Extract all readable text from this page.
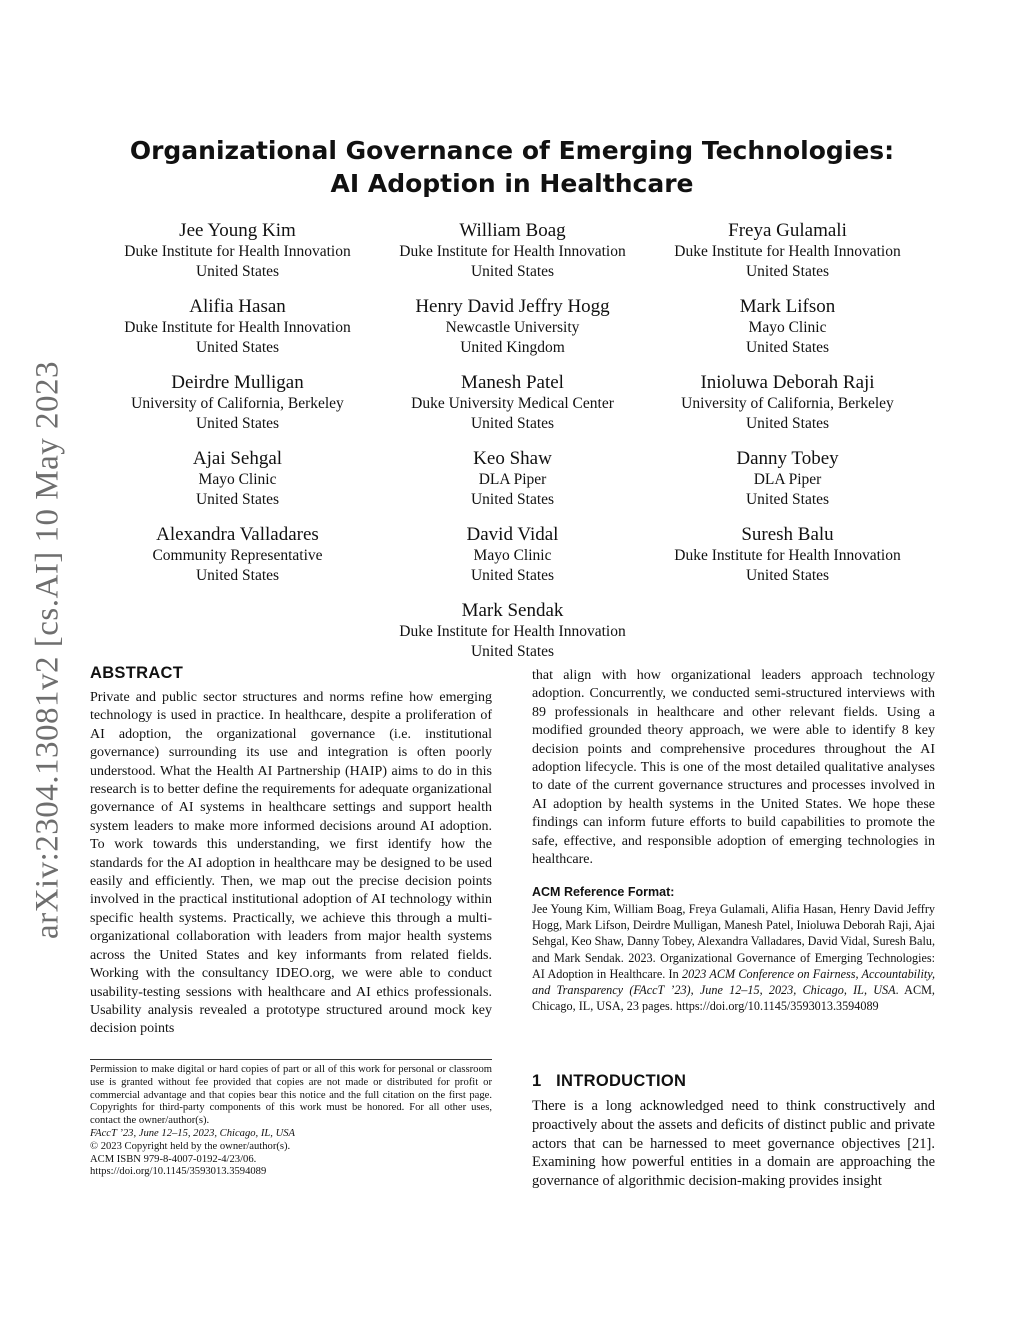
arXiv:2304.13081v2 [cs.AI] 10 May 2023
Organizational Governance of Emerging Technologies:
AI Adoption in Healthcare
Jee Young Kim
Duke Institute for Health Innovation
United States
William Boag
Duke Institute for Health Innovation
United States
Freya Gulamali
Duke Institute for Health Innovation
United States
Alifia Hasan
Duke Institute for Health Innovation
United States
Henry David Jeffry Hogg
Newcastle University
United Kingdom
Mark Lifson
Mayo Clinic
United States
Deirdre Mulligan
University of California, Berkeley
United States
Manesh Patel
Duke University Medical Center
United States
Inioluwa Deborah Raji
University of California, Berkeley
United States
Ajai Sehgal
Mayo Clinic
United States
Keo Shaw
DLA Piper
United States
Danny Tobey
DLA Piper
United States
Alexandra Valladares
Community Representative
United States
David Vidal
Mayo Clinic
United States
Suresh Balu
Duke Institute for Health Innovation
United States
Mark Sendak
Duke Institute for Health Innovation
United States
ABSTRACT
Private and public sector structures and norms refine how emerging technology is used in practice. In healthcare, despite a proliferation of AI adoption, the organizational governance (i.e. institutional governance) surrounding its use and integration is often poorly understood. What the Health AI Partnership (HAIP) aims to do in this research is to better define the requirements for adequate organizational governance of AI systems in healthcare settings and support health system leaders to make more informed decisions around AI adoption. To work towards this understanding, we first identify how the standards for the AI adoption in healthcare may be designed to be used easily and efficiently. Then, we map out the precise decision points involved in the practical institutional adoption of AI technology within specific health systems. Practically, we achieve this through a multi-organizational collaboration with leaders from major health systems across the United States and key informants from related fields. Working with the consultancy IDEO.org, we were able to conduct usability-testing sessions with healthcare and AI ethics professionals. Usability analysis revealed a prototype structured around mock key decision points
that align with how organizational leaders approach technology adoption. Concurrently, we conducted semi-structured interviews with 89 professionals in healthcare and other relevant fields. Using a modified grounded theory approach, we were able to identify 8 key decision points and comprehensive procedures throughout the AI adoption lifecycle. This is one of the most detailed qualitative analyses to date of the current governance structures and processes involved in AI adoption by health systems in the United States. We hope these findings can inform future efforts to build capabilities to promote the safe, effective, and responsible adoption of emerging technologies in healthcare.
ACM Reference Format:
Jee Young Kim, William Boag, Freya Gulamali, Alifia Hasan, Henry David Jeffry Hogg, Mark Lifson, Deirdre Mulligan, Manesh Patel, Inioluwa Deborah Raji, Ajai Sehgal, Keo Shaw, Danny Tobey, Alexandra Valladares, David Vidal, Suresh Balu, and Mark Sendak. 2023. Organizational Governance of Emerging Technologies: AI Adoption in Healthcare. In 2023 ACM Conference on Fairness, Accountability, and Transparency (FAccT ’23), June 12–15, 2023, Chicago, IL, USA. ACM, Chicago, IL, USA, 23 pages. https://doi.org/10.1145/3593013.3594089
1   INTRODUCTION
There is a long acknowledged need to think constructively and proactively about the assets and deficits of distinct public and private actors that can be harnessed to meet governance objectives [21]. Examining how powerful entities in a domain are approaching the governance of algorithmic decision-making provides insight
Permission to make digital or hard copies of part or all of this work for personal or classroom use is granted without fee provided that copies are not made or distributed for profit or commercial advantage and that copies bear this notice and the full citation on the first page. Copyrights for third-party components of this work must be honored. For all other uses, contact the owner/author(s).
FAccT ’23, June 12–15, 2023, Chicago, IL, USA
© 2023 Copyright held by the owner/author(s).
ACM ISBN 979-8-4007-0192-4/23/06.
https://doi.org/10.1145/3593013.3594089
